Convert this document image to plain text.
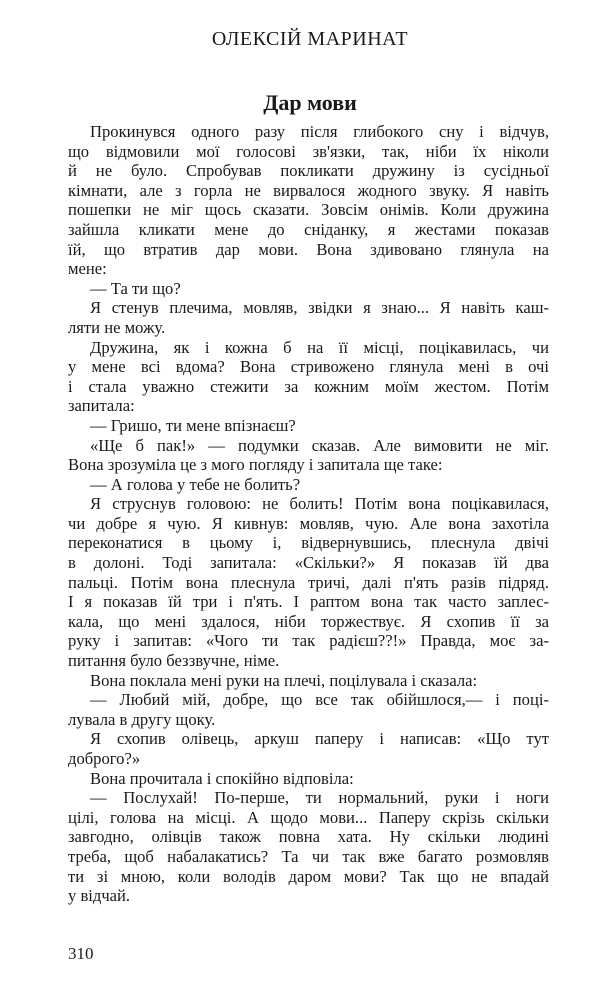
ОЛЕКСІЙ МАРИНАТ
Дар мови
Прокинувся одного разу після глибокого сну і відчув,
що відмовили мої голосові зв'язки, так, ніби їх ніколи
й не було. Спробував покликати дружину із сусідньої
кімнати, але з горла не вирвалося жодного звуку. Я навіть
пошепки не міг щось сказати. Зовсім онімів. Коли дружина
зайшла кликати мене до сніданку, я жестами показав
їй, що втратив дар мови. Вона здивовано глянула на
мене:
— Та ти що?
Я стенув плечима, мовляв, звідки я знаю... Я навіть каш-
ляти не можу.
Дружина, як і кожна б на її місці, поцікавилась, чи
у мене всі вдома? Вона стривожено глянула мені в очі
і стала уважно стежити за кожним моїм жестом. Потім
запитала:
— Гришо, ти мене впізнаєш?
«Ще б пак!» — подумки сказав. Але вимовити не міг.
Вона зрозуміла це з мого погляду і запитала ще таке:
— А голова у тебе не болить?
Я струснув головою: не болить! Потім вона поцікавилася,
чи добре я чую. Я кивнув: мовляв, чую. Але вона захотіла
переконатися в цьому і, відвернувшись, плеснула двічі
в долоні. Тоді запитала: «Скільки?» Я показав їй два
пальці. Потім вона плеснула тричі, далі п'ять разів підряд.
І я показав їй три і п'ять. І раптом вона так часто заплес-
кала, що мені здалося, ніби торжествує. Я схопив її за
руку і запитав: «Чого ти так радієш??!» Правда, моє за-
питання було беззвучне, німе.
Вона поклала мені руки на плечі, поцілувала і сказала:
— Любий мій, добре, що все так обійшлося,— і поці-
лувала в другу щоку.
Я схопив олівець, аркуш паперу і написав: «Що тут
доброго?»
Вона прочитала і спокійно відповіла:
— Послухай! По-перше, ти нормальний, руки і ноги
цілі, голова на місці. А щодо мови... Паперу скрізь скільки
завгодно, олівців також повна хата. Ну скільки людині
треба, щоб набалакатись? Та чи так вже багато розмовляв
ти зі мною, коли володів даром мови? Так що не впадай
у відчай.
310
